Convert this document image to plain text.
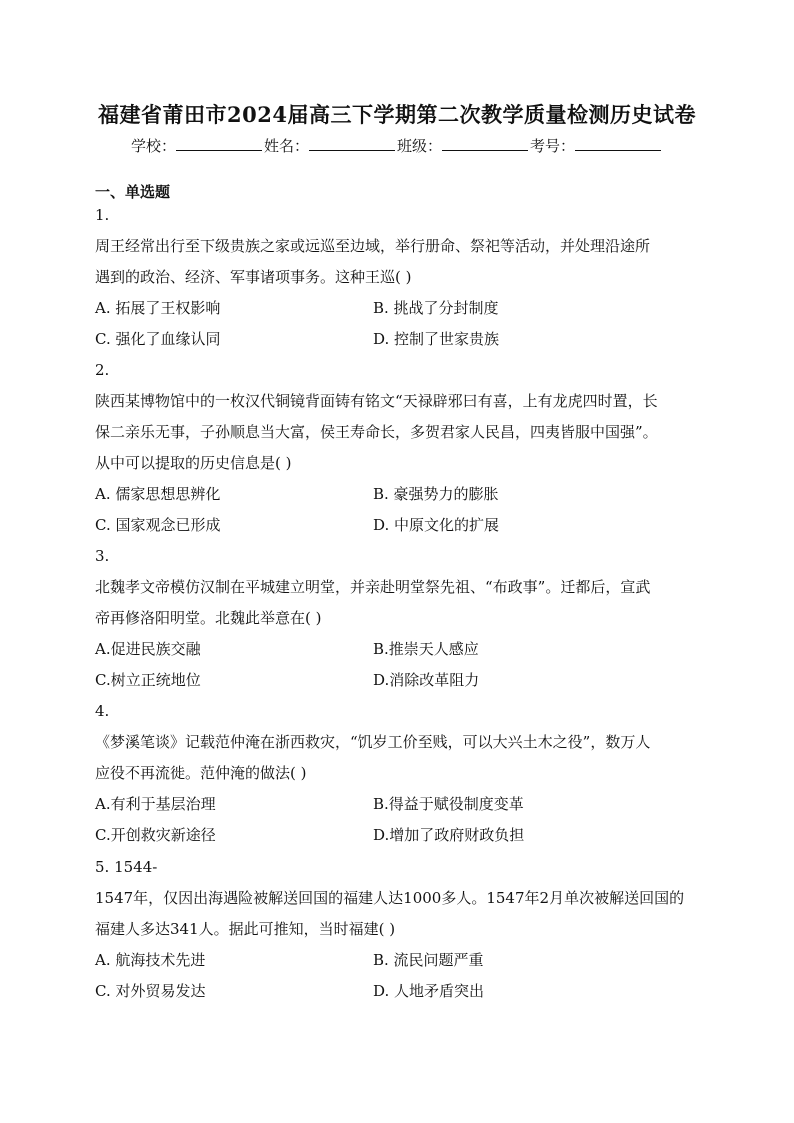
福建省莆田市2024届高三下学期第二次教学质量检测历史试卷
学校：	姓名：	班级：	考号：
一、单选题
1.
周王经常出行至下级贵族之家或远巡至边域，举行册命、祭祀等活动，并处理沿途所
遇到的政治、经济、军事诸项事务。这种王巡( )
A. 拓展了王权影响	B. 挑战了分封制度
C. 强化了血缘认同	D. 控制了世家贵族
2.
陕西某博物馆中的一枚汉代铜镜背面铸有铭文“天禄辟邪曰有喜，上有龙虎四时置，长
保二亲乐无事，子孙顺息当大富，侯王寿命长，多贺君家人民昌，四夷皆服中国强”。
从中可以提取的历史信息是( )
A. 儒家思想思辨化	B. 豪强势力的膨胀
C. 国家观念已形成	D. 中原文化的扩展
3.
北魏孝文帝模仿汉制在平城建立明堂，并亲赴明堂祭先祖、“布政事”。迁都后，宣武
帝再修洛阳明堂。北魏此举意在( )
A.促进民族交融	B.推崇天人感应
C.树立正统地位	D.消除改革阻力
4.
《梦溪笔谈》记载范仲淹在浙西救灾，“饥岁工价至贱，可以大兴土木之役”，数万人
应役不再流徙。范仲淹的做法( )
A.有利于基层治理	B.得益于赋役制度变革
C.开创救灾新途径	D.增加了政府财政负担
5. 1544-
1547年，仅因出海遇险被解送回国的福建人达1000多人。1547年2月单次被解送回国的
福建人多达341人。据此可推知，当时福建( )
A. 航海技术先进	B. 流民问题严重
C. 对外贸易发达	D. 人地矛盾突出
